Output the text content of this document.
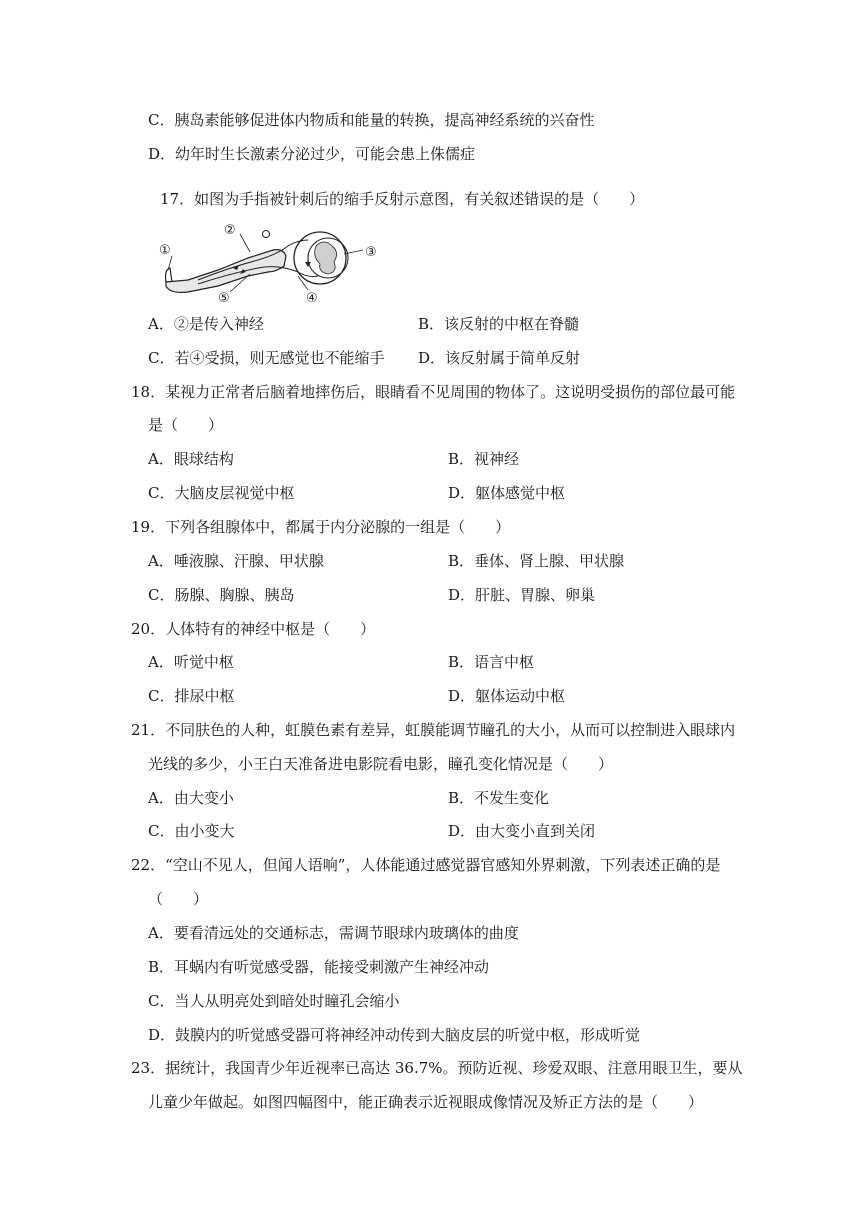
C．胰岛素能够促进体内物质和能量的转换，提高神经系统的兴奋性
D．幼年时生长激素分泌过少，可能会患上侏儒症
17．如图为手指被针刺后的缩手反射示意图，有关叙述错误的是（　　）
①
②
③
④
⑤
A．②是传入神经	B．该反射的中枢在脊髓
C．若④受损，则无感觉也不能缩手 D．该反射属于简单反射
18．某视力正常者后脑着地摔伤后，眼睛看不见周围的物体了。这说明受损伤的部位最可能
是（　　）
A．眼球结构	B．视神经
C．大脑皮层视觉中枢	D．躯体感觉中枢
19．下列各组腺体中，都属于内分泌腺的一组是（　　）
A．唾液腺、汗腺、甲状腺	B．垂体、肾上腺、甲状腺
C．肠腺、胸腺、胰岛	D．肝脏、胃腺、卵巢
20．人体特有的神经中枢是（　　）
A．听觉中枢	B．语言中枢
C．排尿中枢	D．躯体运动中枢
21．不同肤色的人种，虹膜色素有差异，虹膜能调节瞳孔的大小，从而可以控制进入眼球内
光线的多少，小王白天准备进电影院看电影，瞳孔变化情况是（　　）
A．由大变小	B．不发生变化
C．由小变大	D．由大变小直到关闭
22．“空山不见人，但闻人语响”，人体能通过感觉器官感知外界刺激，下列表述正确的是
（　　）
A．要看清远处的交通标志，需调节眼球内玻璃体的曲度
B．耳蜗内有听觉感受器，能接受刺激产生神经冲动
C．当人从明亮处到暗处时瞳孔会缩小
D．鼓膜内的听觉感受器可将神经冲动传到大脑皮层的听觉中枢，形成听觉
23．据统计，我国青少年近视率已高达 36.7%。预防近视、珍爱双眼、注意用眼卫生，要从
儿童少年做起。如图四幅图中，能正确表示近视眼成像情况及矫正方法的是（　　）
